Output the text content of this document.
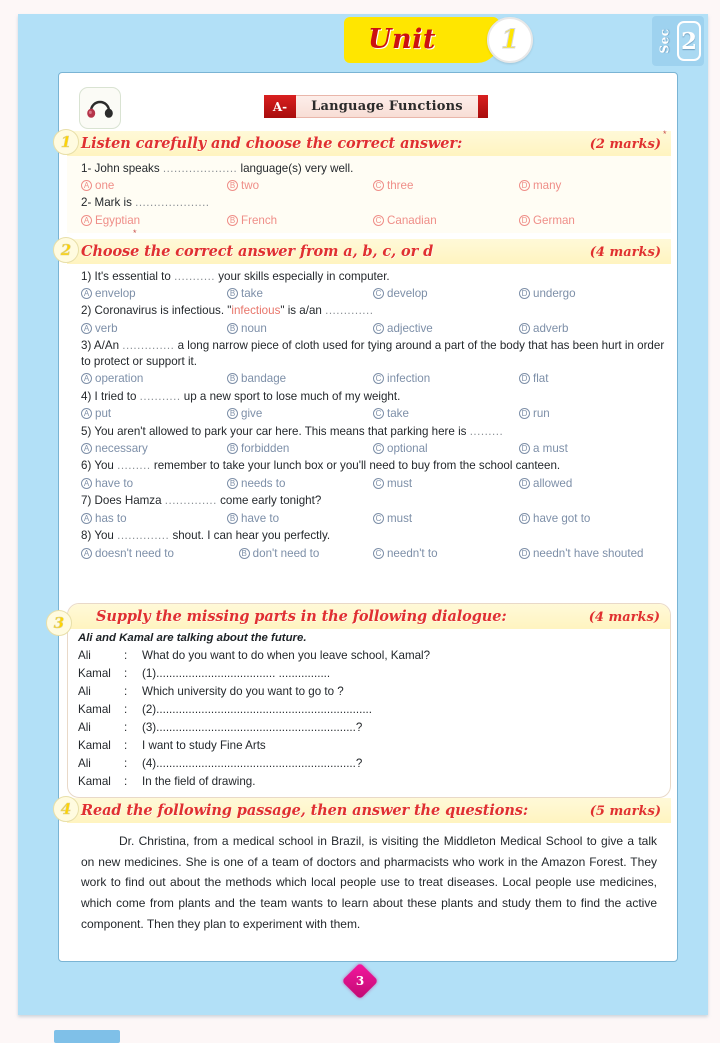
Unit	1	Sec 2
A-	Language Functions
1 Listen carefully and choose the correct answer:	(2 marks)
1- John speaks .................... language(s) very well.
A one	B two	C three	D many
2- Mark is ....................
A Egyptian	B French	C Canadian	D German
*
*
2 Choose the correct answer from a, b, c, or d	(4 marks)
1) It's essential to ........... your skills especially in computer.
A envelop	B take	C develop	D undergo
2) Coronavirus is infectious. "infectious" is a/an .............
A verb	B noun	C adjective	D adverb
3) A/An .............. a long narrow piece of cloth used for tying around a part of the body that has been hurt in order to protect or support it.
A operation	B bandage	C infection	D flat
4) I tried to ........... up a new sport to lose much of my weight.
A put	B give	C take	D run
5) You aren't allowed to park your car here. This means that parking here is .........
A necessary	B forbidden	C optional	D a must
6) You ......... remember to take your lunch box or you'll need to buy from the school canteen.
A have to	B needs to	C must	D allowed
7) Does Hamza .............. come early tonight?
A has to	B have to	C must	D have got to
8) You .............. shout. I can hear you perfectly.
A doesn't need to	B don't need to	C needn't to	D needn't have shouted
3	Supply the missing parts in the following dialogue:	(4 marks)
Ali and Kamal are talking about the future.
Ali	:	What do you want to do when you leave school, Kamal?
Kamal	:	(1)..................................... ................
Ali	:	Which university do you want to go to ?
Kamal	:	(2)...................................................................
Ali	:	(3)..............................................................?
Kamal	:	I want to study Fine Arts
Ali	:	(4)..............................................................?
Kamal	:	In the field of drawing.
4 Read the following passage, then answer the questions:	(5 marks)
Dr. Christina, from a medical school in Brazil, is visiting the Middleton Medical School to give a talk on new medicines. She is one of a team of doctors and pharmacists who work in the Amazon Forest. They work to find out about the methods which local people use to treat diseases. Local people use medicines, which come from plants and the team wants to learn about these plants and study them to find the active component. Then they plan to experiment with them.
3
